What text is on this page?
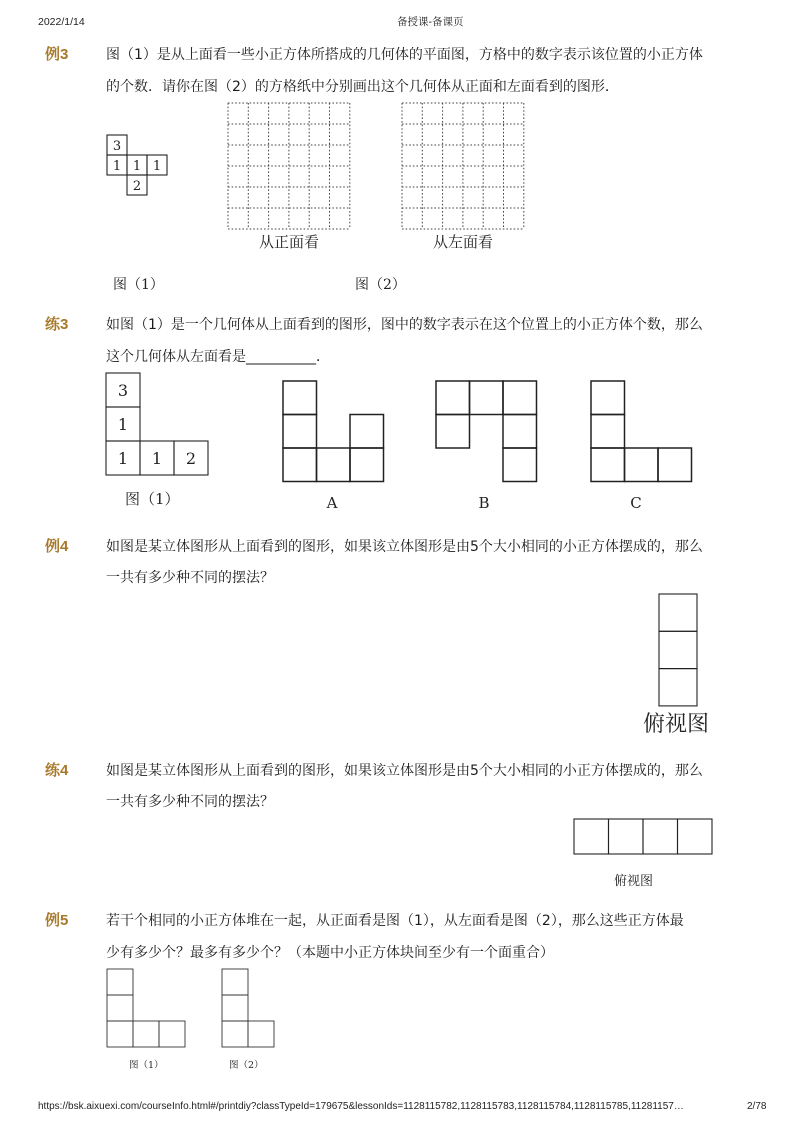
2022/1/14	备授课-备课页
例3	图（1）是从上面看一些小正方体所搭成的几何体的平面图，方格中的数字表示该位置的小正方体
的个数．请你在图（2）的方格纸中分别画出这个几何体从正面和左面看到的图形．
3
1 1 1
2
从正面看	从左面看
图（1）	图（2）
练3	如图（1）是一个几何体从上面看到的图形，图中的数字表示在这个位置上的小正方体个数，那么
这个几何体从左面看是__________．
3
1
1 1 2
图（1）	A	B	C
例4	如图是某立体图形从上面看到的图形，如果该立体图形是由5个大小相同的小正方体摆成的，那么
一共有多少种不同的摆法？
俯视图
练4	如图是某立体图形从上面看到的图形，如果该立体图形是由5个大小相同的小正方体摆成的，那么
一共有多少种不同的摆法？
俯视图
例5	若干个相同的小正方体堆在一起，从正面看是图（1），从左面看是图（2），那么这些正方体最
少有多少个？最多有多少个？（本题中小正方体块间至少有一个面重合）
图（1）	图（2）
https://bsk.aixuexi.com/courseInfo.html#/printdiy?classTypeId=179675&lessonIds=1128115782,1128115783,1128115784,1128115785,11281157…	2/78
